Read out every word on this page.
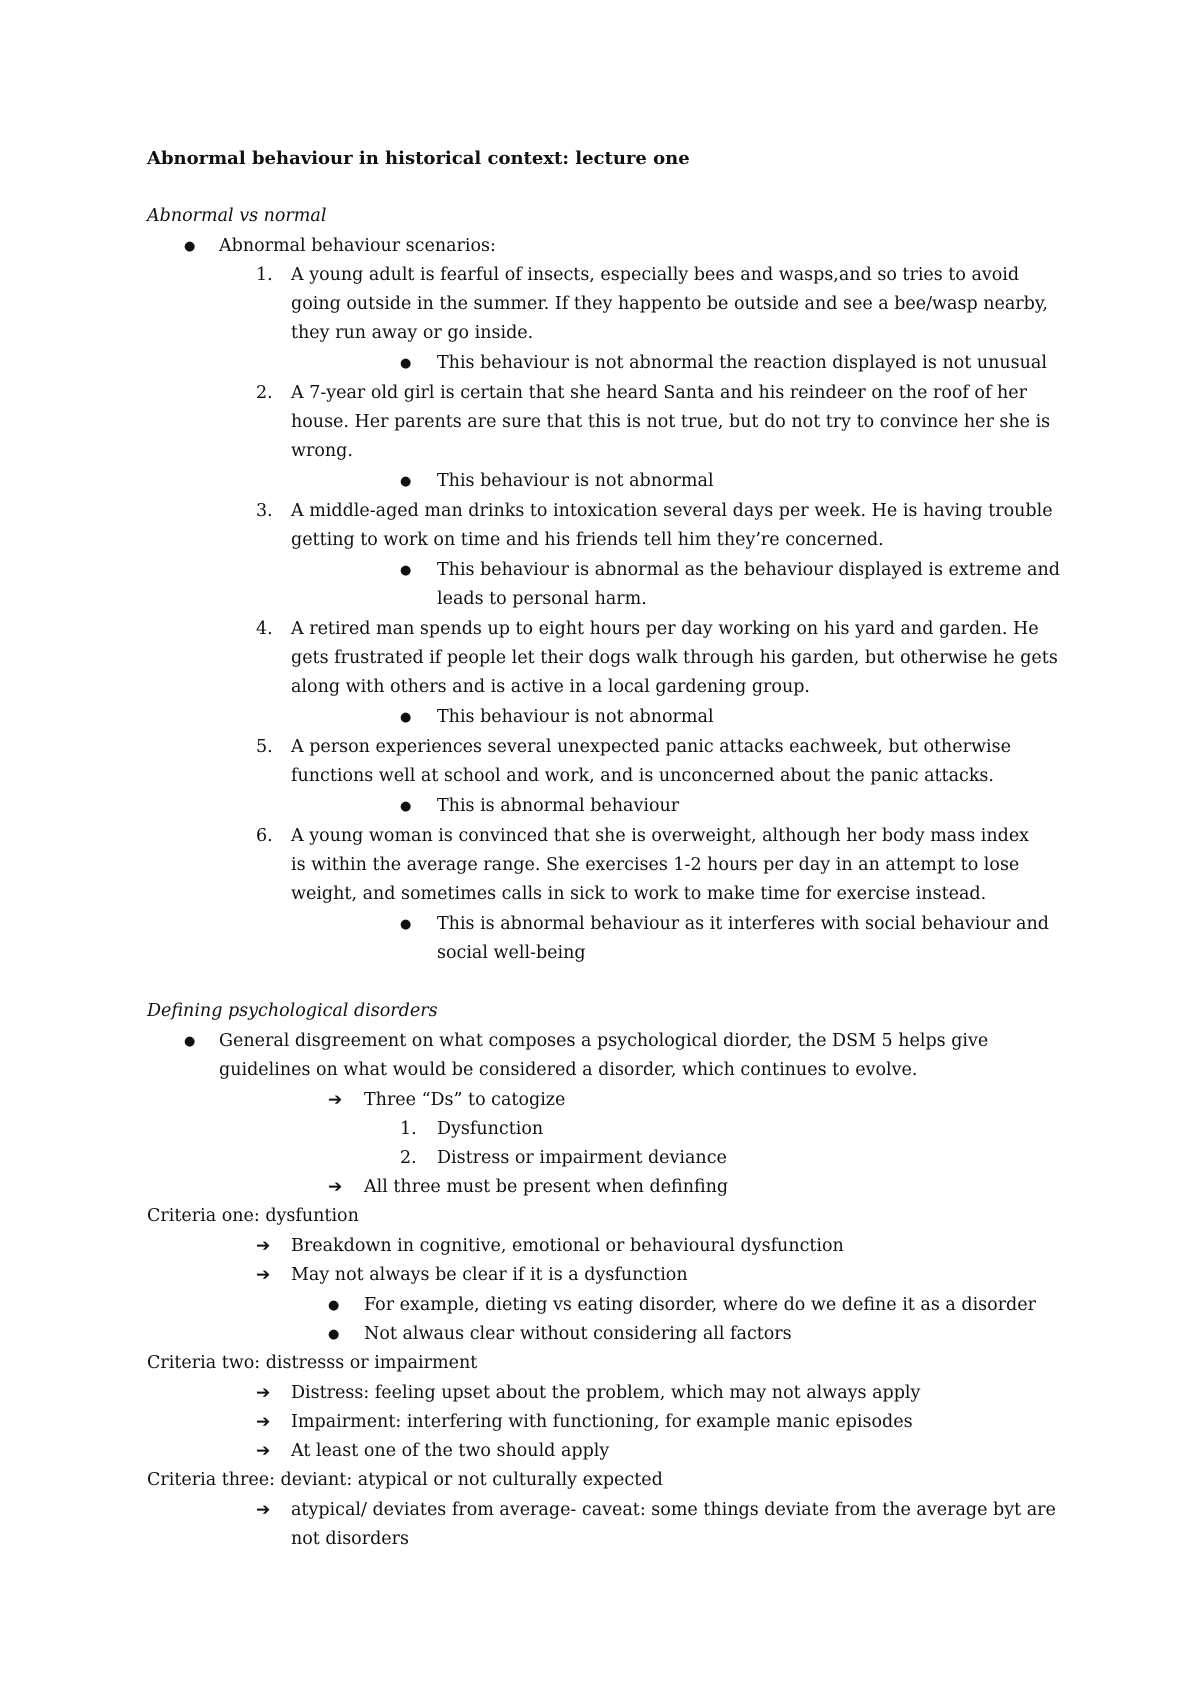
Abnormal behaviour in historical context: lecture one
Abnormal vs normal
● Abnormal behaviour scenarios:
1.	A young adult is fearful of insects, especially bees and wasps,and so tries to avoid
going outside in the summer. If they happento be outside and see a bee/wasp nearby,
they run away or go inside.
● This behaviour is not abnormal the reaction displayed is not unusual
2.	A 7-year old girl is certain that she heard Santa and his reindeer on the roof of her
house. Her parents are sure that this is not true, but do not try to convince her she is
wrong.
● This behaviour is not abnormal
3.	A middle-aged man drinks to intoxication several days per week. He is having trouble
getting to work on time and his friends tell him they’re concerned.
● This behaviour is abnormal as the behaviour displayed is extreme and
leads to personal harm.
4.	A retired man spends up to eight hours per day working on his yard and garden. He
gets frustrated if people let their dogs walk through his garden, but otherwise he gets
along with others and is active in a local gardening group.
● This behaviour is not abnormal
5.	A person experiences several unexpected panic attacks eachweek, but otherwise
functions well at school and work, and is unconcerned about the panic attacks.
● This is abnormal behaviour
6.	A young woman is convinced that she is overweight, although her body mass index
is within the average range. She exercises 1-2 hours per day in an attempt to lose
weight, and sometimes calls in sick to work to make time for exercise instead.
● This is abnormal behaviour as it interferes with social behaviour and
social well-being
Defining psychological disorders
● General disgreement on what composes a psychological diorder, the DSM 5 helps give
guidelines on what would be considered a disorder, which continues to evolve.
➔ Three “Ds” to catogize
1.	Dysfunction
2.	Distress or impairment deviance
➔ All three must be present when definfing
Criteria one: dysfuntion
➔ Breakdown in cognitive, emotional or behavioural dysfunction
➔ May not always be clear if it is a dysfunction
● For example, dieting vs eating disorder, where do we define it as a disorder
● Not alwaus clear without considering all factors
Criteria two: distresss or impairment
➔ Distress: feeling upset about the problem, which may not always apply
➔ Impairment: interfering with functioning, for example manic episodes
➔ At least one of the two should apply
Criteria three: deviant: atypical or not culturally expected
➔ atypical/ deviates from average- caveat: some things deviate from the average byt are
not disorders
